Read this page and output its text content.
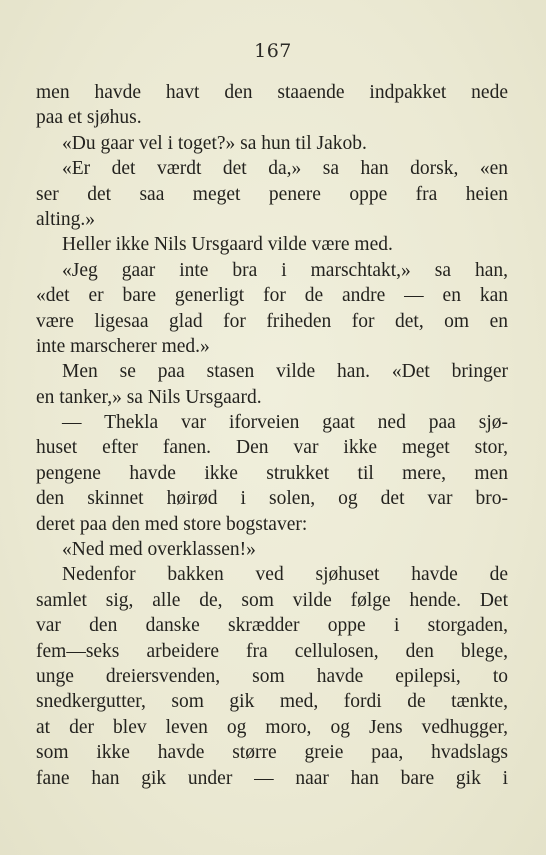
167
men havde havt den staaende indpakket nede
paa et sjøhus.
«Du gaar vel i toget?» sa hun til Jakob.
«Er det værdt det da,» sa han dorsk, «en
ser det saa meget penere oppe fra heien
alting.»
Heller ikke Nils Ursgaard vilde være med.
«Jeg gaar inte bra i marschtakt,» sa han,
«det er bare generligt for de andre — en kan
være ligesaa glad for friheden for det, om en
inte marscherer med.»
Men se paa stasen vilde han. «Det bringer
en tanker,» sa Nils Ursgaard.
— Thekla var iforveien gaat ned paa sjø-
huset efter fanen. Den var ikke meget stor,
pengene havde ikke strukket til mere, men
den skinnet høirød i solen, og det var bro-
deret paa den med store bogstaver:
«Ned med overklassen!»
Nedenfor bakken ved sjøhuset havde de
samlet sig, alle de, som vilde følge hende. Det
var den danske skrædder oppe i storgaden,
fem—seks arbeidere fra cellulosen, den blege,
unge dreiersvenden, som havde epilepsi, to
snedkergutter, som gik med, fordi de tænkte,
at der blev leven og moro, og Jens vedhugger,
som ikke havde større greie paa, hvadslags
fane han gik under — naar han bare gik i
